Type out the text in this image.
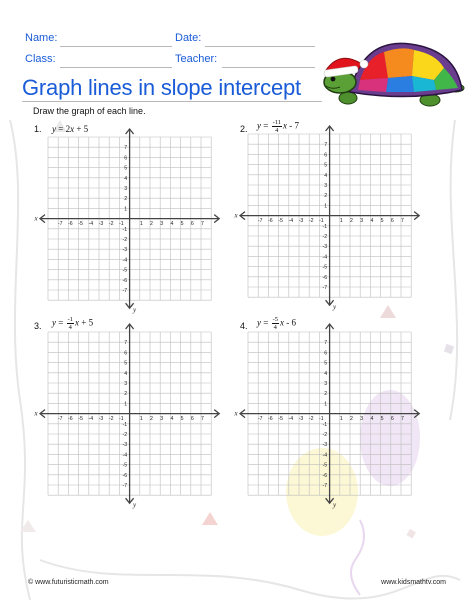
Name:	Date:
Class:	Teacher:
Graph lines in slope intercept
Draw the graph of each line.
1. y = 2x + 5	2. $y = \frac{-11}{4}$ x - 7
3. $y = \frac{-1}{4}$ x + 5	4. $y = \frac{-5}{4}$ x - 6
-7 -6 -5 -4 -3 -2 -1	1 2 3 4 5 6 7
7
6
5
4
3
2
1
-1
-2
-3
-4
-5
-6
-7
x
y
-7 -6 -5 -4 -3 -2 -1	1 2 3 4 5 6 7
7
6
5
4
3
2
1
-1
-2
-3
-4
-5
-6
-7
x
y
-7 -6 -5 -4 -3 -2 -1	1 2 3 4 5 6 7
7
6
5
4
3
2
1
-1
-2
-3
-4
-5
-6
-7
x
y
-7 -6 -5 -4 -3 -2 -1	1 2 3 4 5 6 7
7
6
5
4
3
2
1
-1
-2
-3
-4
-5
-6
-7
x
y
© www.futuristicmath.com	www.kidsmathtv.com
